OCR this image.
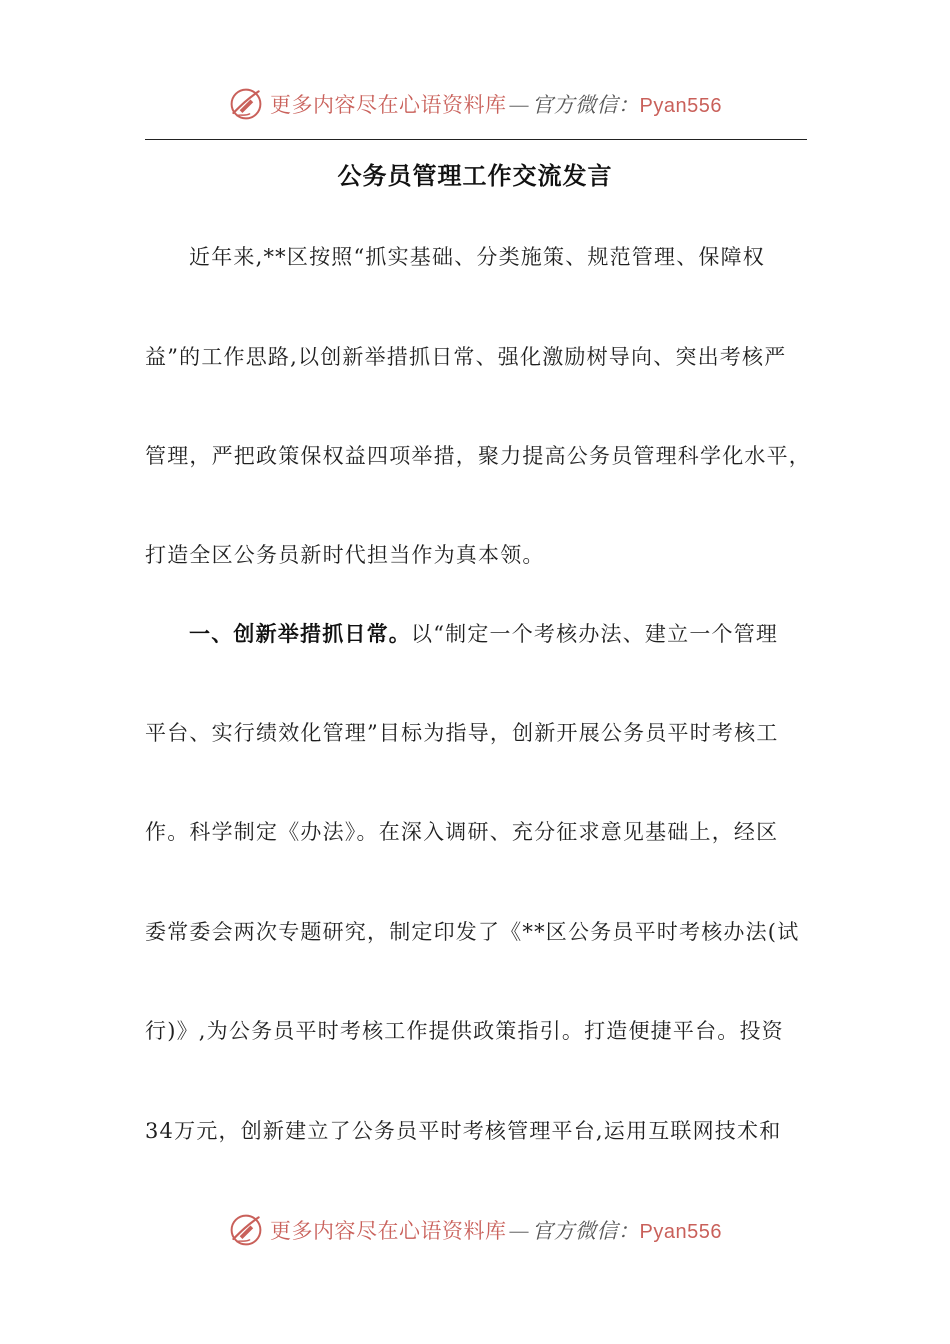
更多内容尽在心语资料库—官方微信：Pyan556
公务员管理工作交流发言
近年来,**区按照“抓实基础、分类施策、规范管理、保障权
益”的工作思路,以创新举措抓日常、强化激励树导向、突出考核严
管理，严把政策保权益四项举措，聚力提高公务员管理科学化水平，
打造全区公务员新时代担当作为真本领。
一、创新举措抓日常。以“制定一个考核办法、建立一个管理
平台、实行绩效化管理”目标为指导，创新开展公务员平时考核工
作。科学制定《办法》。在深入调研、充分征求意见基础上，经区
委常委会两次专题研究，制定印发了《**区公务员平时考核办法(试
行)》,为公务员平时考核工作提供政策指引。打造便捷平台。投资
34万元，创新建立了公务员平时考核管理平台,运用互联网技术和
更多内容尽在心语资料库—官方微信：Pyan556
